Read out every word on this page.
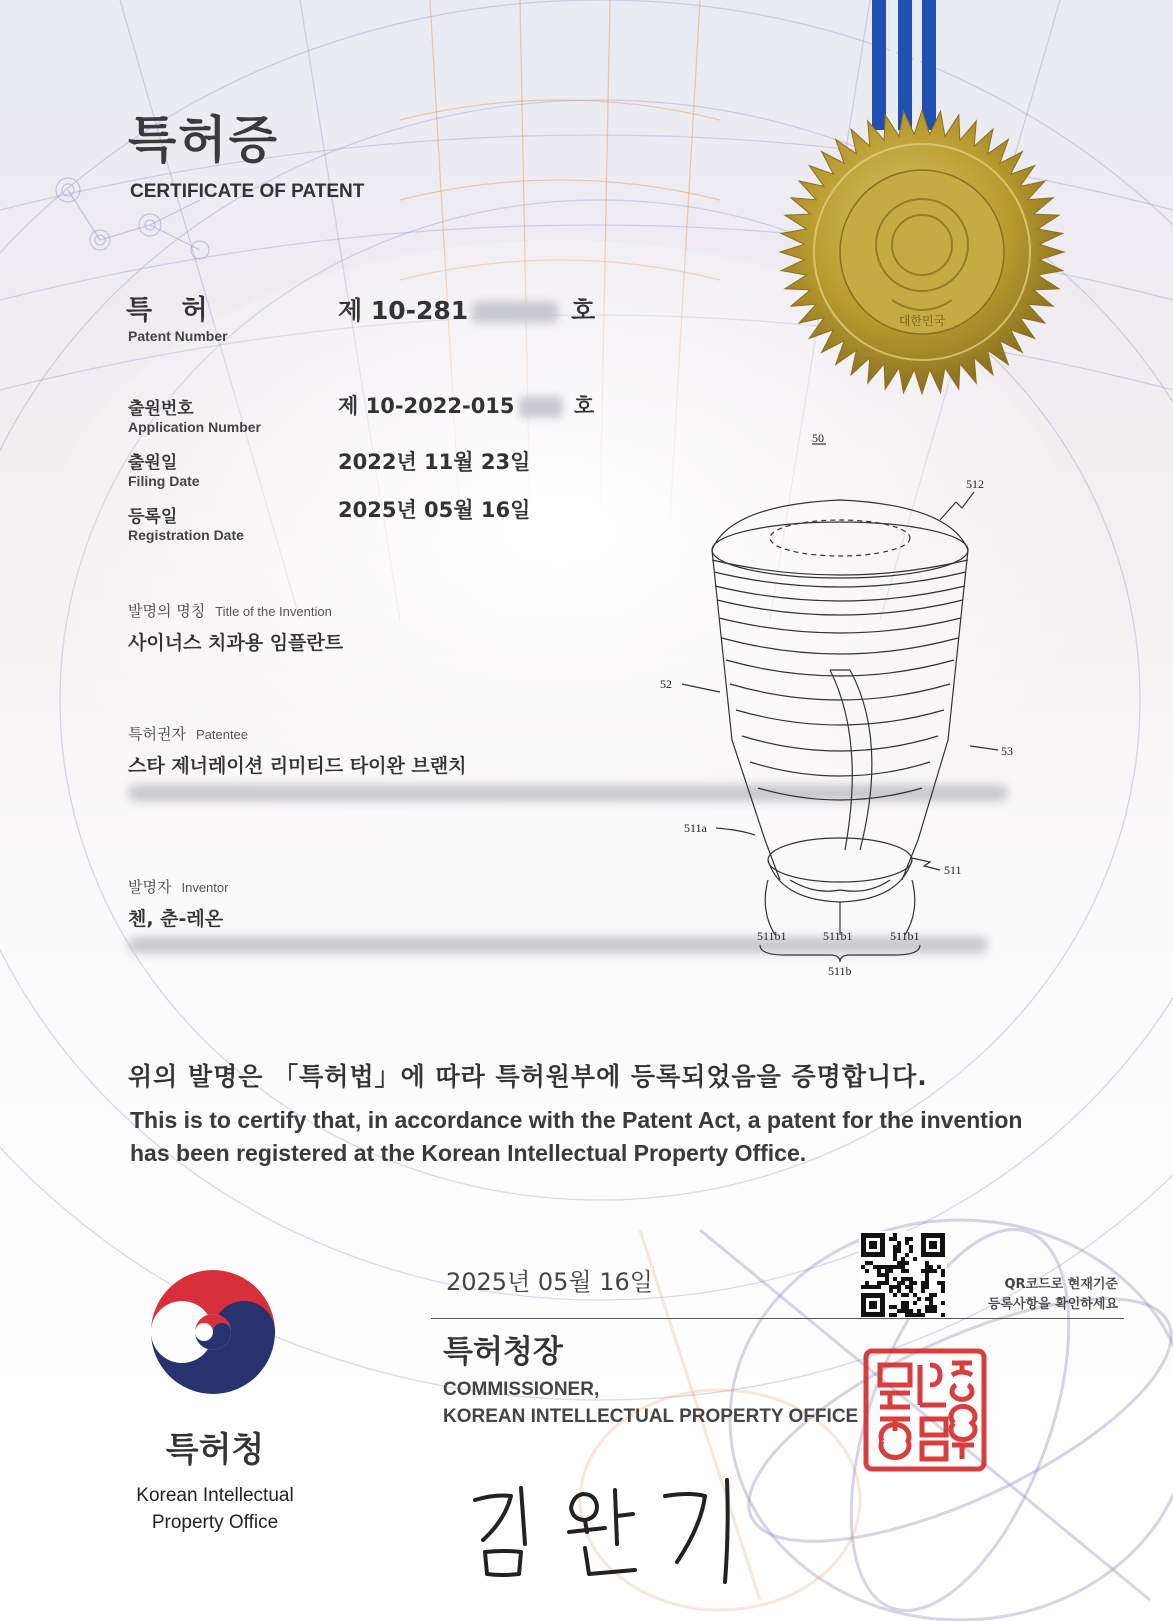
대한민국
특허증
CERTIFICATE OF PATENT
특 허
Patent Number
제 10-281	호
출원번호
Application Number
제 10-2022-015	호
출원일
Filing Date
2022년 11월 23일
등록일
Registration Date
2025년 05월 16일
발명의 명칭 Title of the Invention
사이너스 치과용 임플란트
특허권자 Patentee
스타 제너레이션 리미티드 타이완 브랜치
발명자 Inventor
첸, 춘-레온
50
512
52
53
511a
511
511b1	511b1	511b1
511b
위의 발명은 「특허법」에 따라 특허원부에 등록되었음을 증명합니다.
This is to certify that, in accordance with the Patent Act, a patent for the invention has been registered at the Korean Intellectual Property Office.
2025년 05월 16일	QR코드로 현재기준
등록사항을 확인하세요
특허청장
COMMISSIONER,
KOREAN INTELLECTUAL PROPERTY OFFICE
특허청
Korean Intellectual
Property Office
